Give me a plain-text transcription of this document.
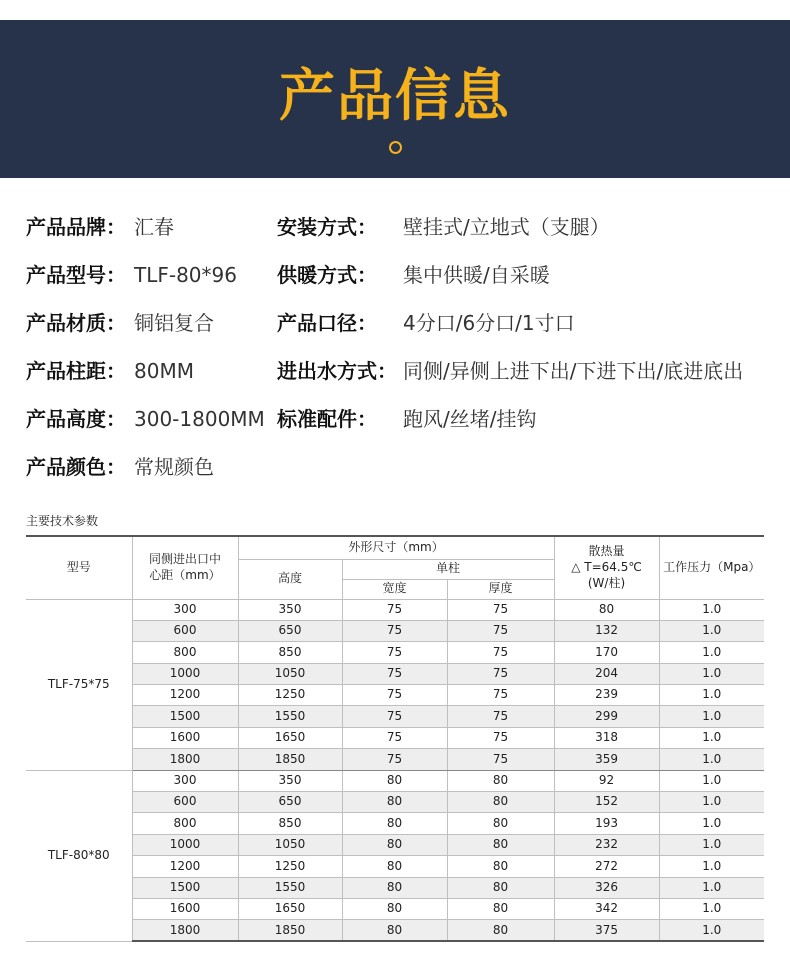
产品信息
产品品牌： 汇春	安装方式： 壁挂式/立地式（支腿）
产品型号： TLF-80*96 供暖方式： 集中供暖/自采暖
产品材质： 铜铝复合	产品口径： 4分口/6分口/1寸口
产品柱距： 80MM	进出水方式： 同侧/异侧上进下出/下进下出/底进底出
产品高度： 300-1800MM 标准配件： 跑风/丝堵/挂钩
产品颜色： 常规颜色
主要技术参数
型号	同侧进出口中心距（mm）	外形尺寸（mm）			散热量
△ T=64.5℃
(W/柱)	工作压力（Mpa）
		高度	单柱			
			宽度	厚度		
TLF-75*75	300	350	75	75	80	1.0
	600	650	75	75	132	1.0
	800	850	75	75	170	1.0
	1000	1050	75	75	204	1.0
	1200	1250	75	75	239	1.0
	1500	1550	75	75	299	1.0
	1600	1650	75	75	318	1.0
	1800	1850	75	75	359	1.0
TLF-80*80	300	350	80	80	92	1.0
	600	650	80	80	152	1.0
	800	850	80	80	193	1.0
	1000	1050	80	80	232	1.0
	1200	1250	80	80	272	1.0
	1500	1550	80	80	326	1.0
	1600	1650	80	80	342	1.0
	1800	1850	80	80	375	1.0
